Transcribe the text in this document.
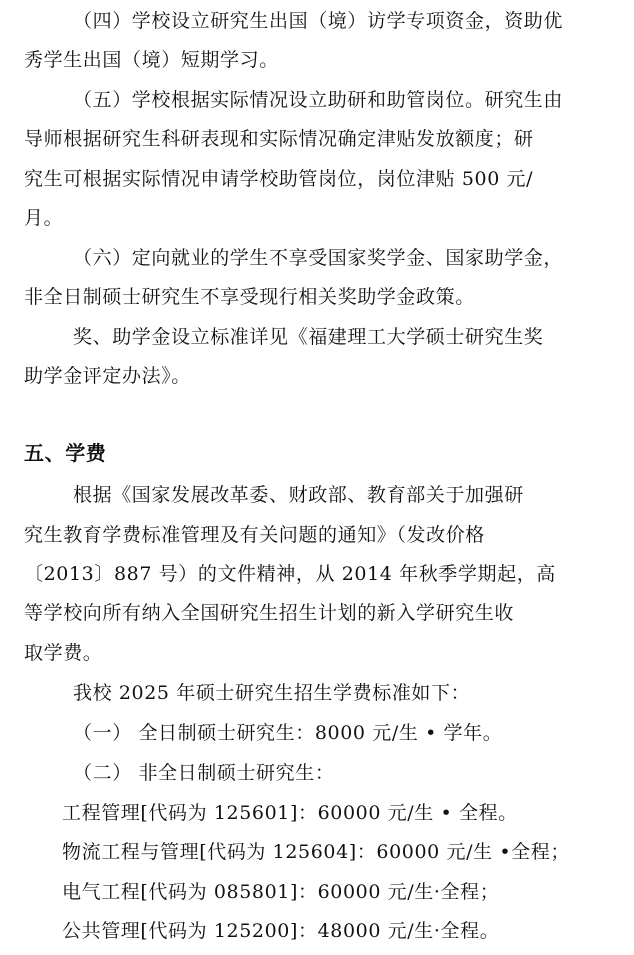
（四）学校设立研究生出国（境）访学专项资金，资助优
秀学生出国（境）短期学习。
（五）学校根据实际情况设立助研和助管岗位。研究生由
导师根据研究生科研表现和实际情况确定津贴发放额度；研
究生可根据实际情况申请学校助管岗位，岗位津贴 500 元/
月。
（六）定向就业的学生不享受国家奖学金、国家助学金，
非全日制硕士研究生不享受现行相关奖助学金政策。
奖、助学金设立标准详见《福建理工大学硕士研究生奖
助学金评定办法》。
五、学费
根据《国家发展改革委、财政部、教育部关于加强研
究生教育学费标准管理及有关问题的通知》（发改价格
〔2013〕887 号）的文件精神，从 2014 年秋季学期起，高
等学校向所有纳入全国研究生招生计划的新入学研究生收
取学费。
我校 2025 年硕士研究生招生学费标准如下：
（一） 全日制硕士研究生：8000 元/生 • 学年。
（二） 非全日制硕士研究生：
工程管理[代码为 125601]：60000 元/生 • 全程。
物流工程与管理[代码为 125604]：60000 元/生 •全程；
电气工程[代码为 085801]：60000 元/生·全程；
公共管理[代码为 125200]：48000 元/生·全程。
